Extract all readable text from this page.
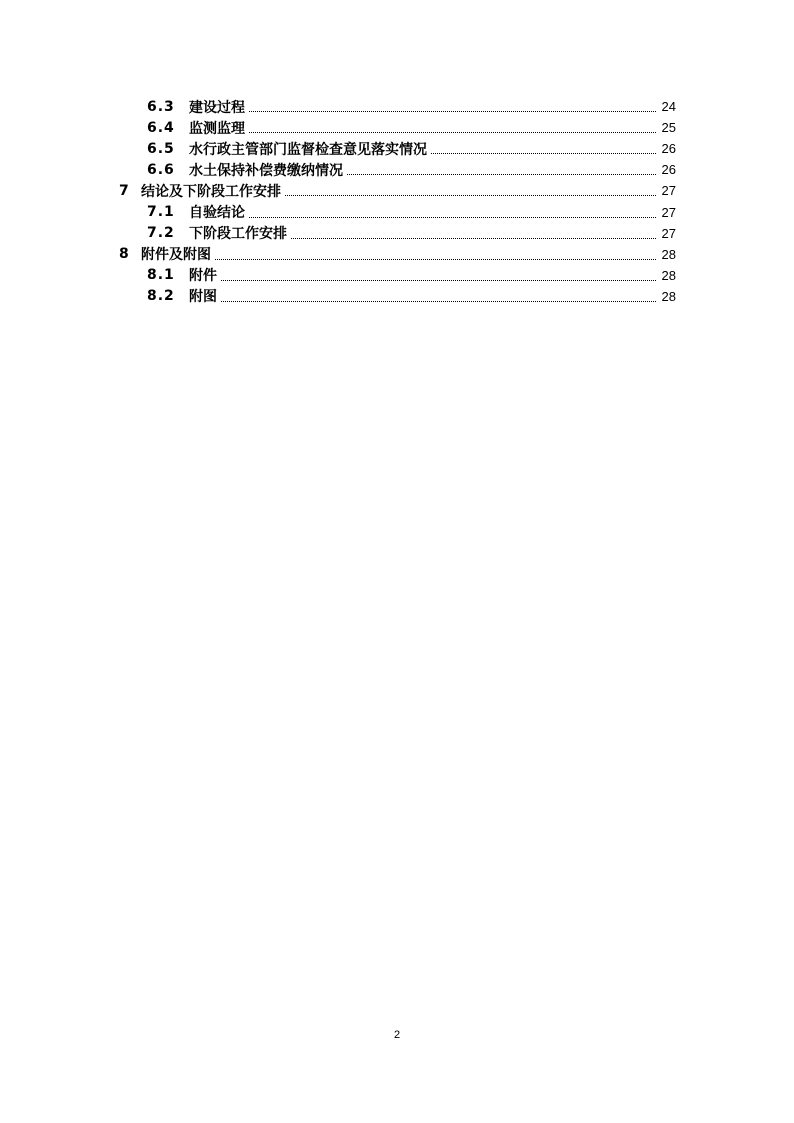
6.3	建设过程	24
6.4	监测监理	25
6.5	水行政主管部门监督检查意见落实情况	26
6.6	水土保持补偿费缴纳情况	26
7 结论及下阶段工作安排	27
7.1	自验结论	27
7.2	下阶段工作安排	27
8 附件及附图	28
8.1	附件	28
8.2	附图	28
2
